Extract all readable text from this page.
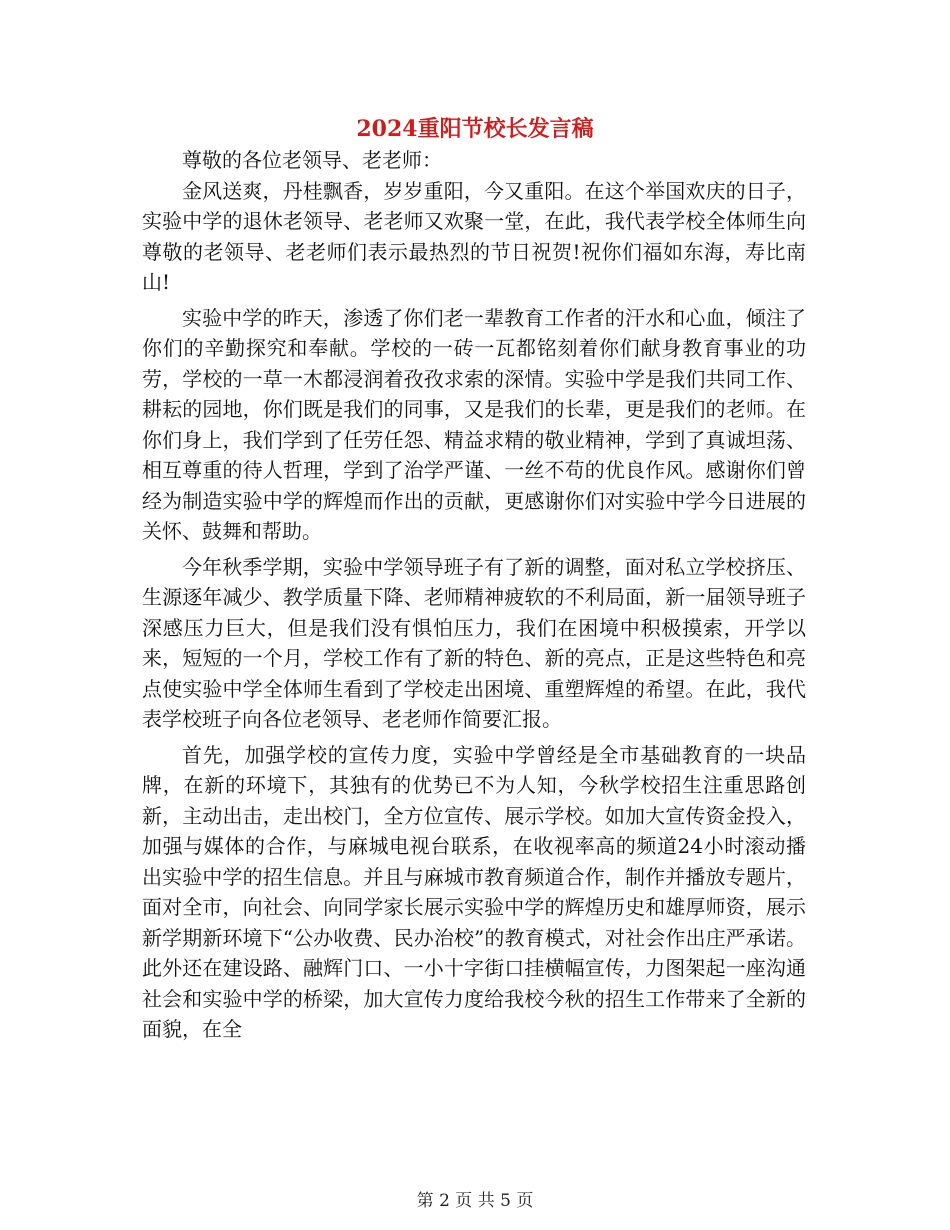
2024重阳节校长发言稿

尊敬的各位老领导、老老师：

金风送爽，丹桂飘香，岁岁重阳，今又重阳。在这个举国欢庆的日子，实验中学的退休老领导、老老师又欢聚一堂，在此，我代表学校全体师生向尊敬的老领导、老老师们表示最热烈的节日祝贺!祝你们福如东海，寿比南山!

实验中学的昨天，渗透了你们老一辈教育工作者的汗水和心血，倾注了你们的辛勤探究和奉献。学校的一砖一瓦都铭刻着你们献身教育事业的功劳，学校的一草一木都浸润着孜孜求索的深情。实验中学是我们共同工作、耕耘的园地，你们既是我们的同事，又是我们的长辈，更是我们的老师。在你们身上，我们学到了任劳任怨、精益求精的敬业精神，学到了真诚坦荡、相互尊重的待人哲理，学到了治学严谨、一丝不苟的优良作风。感谢你们曾经为制造实验中学的辉煌而作出的贡献，更感谢你们对实验中学今日进展的关怀、鼓舞和帮助。

今年秋季学期，实验中学领导班子有了新的调整，面对私立学校挤压、生源逐年减少、教学质量下降、老师精神疲软的不利局面，新一届领导班子深感压力巨大，但是我们没有惧怕压力，我们在困境中积极摸索，开学以来，短短的一个月，学校工作有了新的特色、新的亮点，正是这些特色和亮点使实验中学全体师生看到了学校走出困境、重塑辉煌的希望。在此，我代表学校班子向各位老领导、老老师作简要汇报。

首先，加强学校的宣传力度，实验中学曾经是全市基础教育的一块品牌，在新的环境下，其独有的优势已不为人知，今秋学校招生注重思路创新，主动出击，走出校门，全方位宣传、展示学校。如加大宣传资金投入，加强与媒体的合作，与麻城电视台联系，在收视率高的频道24小时滚动播出实验中学的招生信息。并且与麻城市教育频道合作，制作并播放专题片，面对全市，向社会、向同学家长展示实验中学的辉煌历史和雄厚师资，展示新学期新环境下“公办收费、民办治校”的教育模式，对社会作出庄严承诺。此外还在建设路、融辉门口、一小十字街口挂横幅宣传，力图架起一座沟通社会和实验中学的桥梁，加大宣传力度给我校今秋的招生工作带来了全新的面貌，在全

第 2 页 共 5 页
